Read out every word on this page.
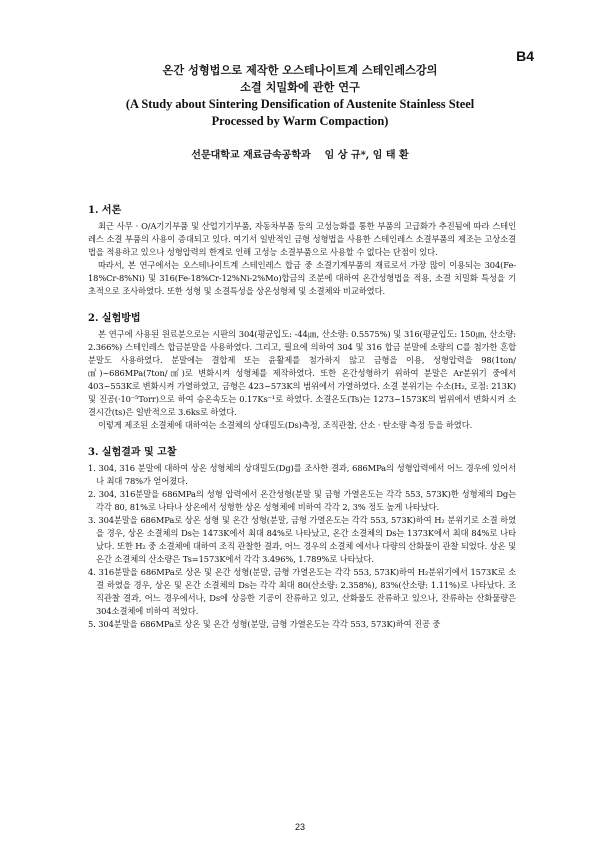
B4

온간 성형법으로 제작한 오스테나이트계 스테인레스강의

소결 치밀화에 관한 연구

(A Study about Sintering Densification of Austenite Stainless Steel

Processed by Warm Compaction)

선문대학교 재료금속공학과    임 상 규*, 임 태 환
1. 서론

최근 사무 · O/A기기부품 및 산업기기부품, 자동차부품 등의 고성능화를 통한 부품의 고급화가 추진됨에 따라 스테인레스 소결 부품의 사용이 증대되고 있다. 여기서 일반적인 금형 성형법을 사용한 스테인레스 소결부품의 제조는 고상소결법을 적용하고 있으나 성형압력의 한계로 인해 고성능 소결부품으로 사용할 수 없다는 단점이 있다.

따라서, 본 연구에서는 오스테나이트계 스테인레스 합금 중 소결기계부품의 재료로서 가장 많이 이용되는 304(Fe-18%Cr-8%Ni) 및 316(Fe-18%Cr-12%Ni-2%Mo)합금의 조분에 대하여 온간성형법을 적용, 소결 치밀화 특성을 기초적으로 조사하였다. 또한 성형 및 소결특성을 상온성형체 및 소결체와 비교하였다.

2. 실험방법

본 연구에 사용된 원료분으로는 시판의 304(평균입도: -44㎛, 산소량: 0.5575%) 및 316(평균입도: 150㎛, 산소량: 2.366%) 스테인레스 합금분말을 사용하였다. 그리고, 필요에 의하여 304 및 316 합금 분말에 소량의 C를 첨가한 혼합분말도 사용하였다. 분말에는 결합제 또는 윤활제를 첨가하지 않고 금형을 이용, 성형압력을 98(1ton/㎠)~686MPa(7ton/㎠)로 변화시켜 성형체를 제작하였다. 또한 온간성형하기 위하여 분말은 Ar분위기 중에서 403~553K로 변화시켜 가열하였고, 금형은 423~573K의 범위에서 가열하였다. 소결 분위기는 수소(H₂, 로점: 213K) 및 진공(·10⁻⁵Torr)으로 하여 승온속도는 0.17Ks⁻¹로 하였다. 소결온도(Ts)는 1273~1573K의 범위에서 변화시켜 소결시간(ts)은 일반적으로 3.6ks로 하였다.

이렇게 제조된 소결체에 대하여는 소결체의 상대밀도(Ds)측정, 조직관찰, 산소 · 탄소량 측정 등을 하였다.

3. 실험결과 및 고찰
1. 304, 316 분말에 대하여 상온 성형체의 상대밀도(Dg)를 조사한 결과, 686MPa의 성형압력에서 어느 경우에 있어서나 최대 78%가 얻어졌다.
2. 304, 316분말을 686MPa의 성형 압력에서 온간성형(분말 및 금형 가열온도는 각각 553, 573K)한 성형체의 Dg는 각각 80, 81%로 나타나 상온에서 성형한 상온 성형체에 비하여 각각 2, 3% 정도 높게 나타났다.
3. 304분말을 686MPa로 상온 성형 및 온간 성형(분말, 금형 가열온도는 각각 553, 573K)하여 H₂ 분위기로 소결 하였을 경우, 상온 소결체의 Ds는 1473K에서 최대 84%로 나타났고, 온간 소결체의 Ds는 1373K에서 최대 84%로 나타났다. 또한 H₂ 중 소결체에 대하여 조직 관찰한 결과, 어느 경우의 소결체 에서나 다량의 산화물이 관찰 되었다. 상온 및 온간 소결체의 산소량은 Ts=1573K에서 각각 3.496%, 1.789%로 나타났다.
4. 316분말을 686MPa로 상온 및 온간 성형(분말, 금형 가열온도는 각각 553, 573K)하여 H₂분위기에서 1573K로 소결 하였을 경우, 상온 및 온간 소결체의 Ds는 각각 최대 80(산소량: 2.358%), 83%(산소량: 1.11%)로 나타났다. 조직관찰 결과, 어느 경우에서나, Ds에 상응한 기공이 잔류하고 있고, 산화물도 잔류하고 있으나, 잔류하는 산화물량은 304소결체에 비하여 적었다.
5. 304분말을 686MPa로 상온 및 온간 성형(분말, 금형 가열온도는 각각 553, 573K)하여 진공 중
23
